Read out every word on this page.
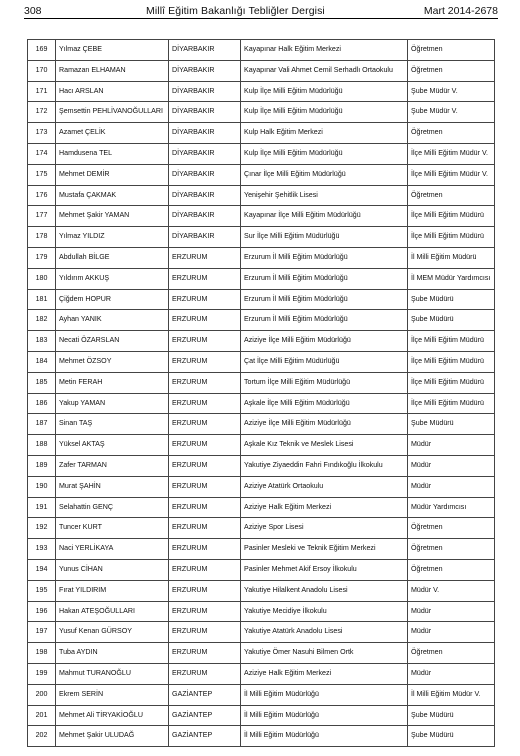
308	Millî Eğitim Bakanlığı Tebliğler Dergisi	Mart 2014-2678
169	Yılmaz ÇEBE	DİYARBAKIR	Kayapınar Halk Eğitim Merkezi	Öğretmen
170	Ramazan ELHAMAN	DİYARBAKIR	Kayapınar Vali Ahmet Cemil Serhadlı Ortaokulu	Öğretmen
171	Hacı ARSLAN	DİYARBAKIR	Kulp İlçe Milli Eğitim Müdürlüğü	Şube Müdür V.
172	Şemsettin PEHLİVANOĞULLARI	DİYARBAKIR	Kulp İlçe Milli Eğitim Müdürlüğü	Şube Müdür V.
173	Azamet ÇELİK	DİYARBAKIR	Kulp Halk Eğitim Merkezi	Öğretmen
174	Hamdusena TEL	DİYARBAKIR	Kulp İlçe Milli Eğitim Müdürlüğü	İlçe Milli Eğitim Müdür V.
175	Mehmet DEMİR	DİYARBAKIR	Çınar İlçe Milli Eğitim Müdürlüğü	İlçe Milli Eğitim Müdür V.
176	Mustafa ÇAKMAK	DİYARBAKIR	Yenişehir Şehitlik Lisesi	Öğretmen
177	Mehmet Şakir YAMAN	DİYARBAKIR	Kayapınar İlçe Milli Eğitim Müdürlüğü	İlçe Milli Eğitim Müdürü
178	Yılmaz YILDIZ	DİYARBAKIR	Sur İlçe Milli Eğitim Müdürlüğü	İlçe Milli Eğitim Müdürü
179	Abdullah BİLGE	ERZURUM	Erzurum İl Milli Eğitim Müdürlüğü	İl Milli Eğitim Müdürü
180	Yıldırım AKKUŞ	ERZURUM	Erzurum İl Milli Eğitim Müdürlüğü	İl MEM Müdür Yardımcısı
181	Çiğdem HOPUR	ERZURUM	Erzurum İl Milli Eğitim Müdürlüğü	Şube Müdürü
182	Ayhan YANIK	ERZURUM	Erzurum İl Milli Eğitim Müdürlüğü	Şube Müdürü
183	Necati ÖZARSLAN	ERZURUM	Aziziye İlçe Milli Eğitim Müdürlüğü	İlçe Milli Eğitim Müdürü
184	Mehmet ÖZSOY	ERZURUM	Çat İlçe Milli Eğitim Müdürlüğü	İlçe Milli Eğitim Müdürü
185	Metin FERAH	ERZURUM	Tortum İlçe Milli Eğitim Müdürlüğü	İlçe Milli Eğitim Müdürü
186	Yakup YAMAN	ERZURUM	Aşkale İlçe Milli Eğitim Müdürlüğü	İlçe Milli Eğitim Müdürü
187	Sinan TAŞ	ERZURUM	Aziziye İlçe Milli Eğitim Müdürlüğü	Şube Müdürü
188	Yüksel AKTAŞ	ERZURUM	Aşkale Kız Teknik ve Meslek Lisesi	Müdür
189	Zafer TARMAN	ERZURUM	Yakutiye Ziyaeddin Fahri Fındıkoğlu İlkokulu	Müdür
190	Murat ŞAHİN	ERZURUM	Aziziye Atatürk Ortaokulu	Müdür
191	Selahattin GENÇ	ERZURUM	Aziziye Halk Eğitim Merkezi	Müdür Yardımcısı
192	Tuncer KURT	ERZURUM	Aziziye Spor Lisesi	Öğretmen
193	Naci YERLİKAYA	ERZURUM	Pasinler Mesleki ve Teknik Eğitim Merkezi	Öğretmen
194	Yunus CİHAN	ERZURUM	Pasinler Mehmet Akif Ersoy İlkokulu	Öğretmen
195	Fırat YILDIRIM	ERZURUM	Yakutiye Hilalkent Anadolu Lisesi	Müdür V.
196	Hakan ATEŞOĞULLARI	ERZURUM	Yakutiye Mecidiye İlkokulu	Müdür
197	Yusuf Kenan GÜRSOY	ERZURUM	Yakutiye Atatürk Anadolu Lisesi	Müdür
198	Tuba AYDIN	ERZURUM	Yakutiye Ömer Nasuhi Bilmen Ortk	Öğretmen
199	Mahmut TURANOĞLU	ERZURUM	Aziziye Halk Eğitim Merkezi	Müdür
200	Ekrem SERİN	GAZİANTEP	İl Milli Eğitim Müdürlüğü	İl Milli Eğitim Müdür V.
201	Mehmet Ali TİRYAKİOĞLU	GAZİANTEP	İl Milli Eğitim Müdürlüğü	Şube Müdürü
202	Mehmet Şakir ULUDAĞ	GAZİANTEP	İl Milli Eğitim Müdürlüğü	Şube Müdürü
